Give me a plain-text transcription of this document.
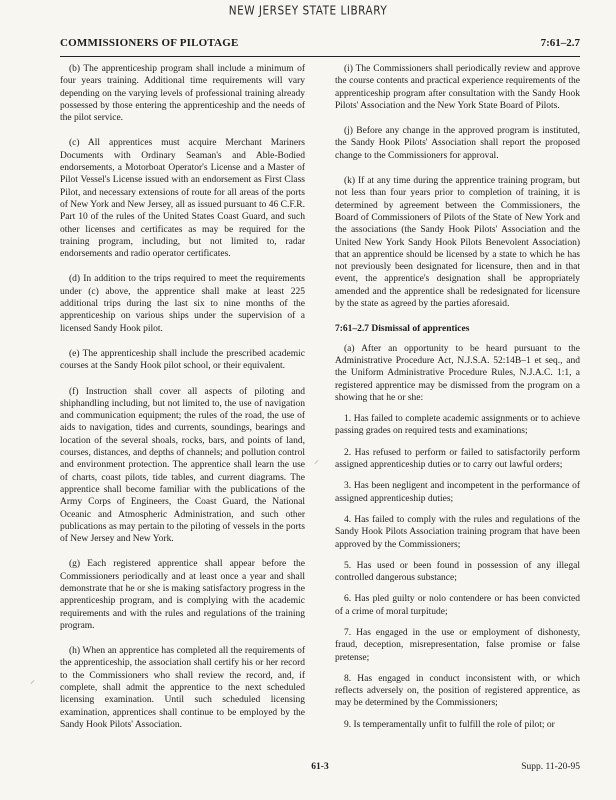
NEW JERSEY STATE LIBRARY
COMMISSIONERS OF PILOTAGE	7:61–2.7

(b) The apprenticeship program shall include a minimum of four years training. Additional time requirements will vary depending on the varying levels of professional training already possessed by those entering the apprenticeship and the needs of the pilot service.

(c) All apprentices must acquire Merchant Mariners Documents with Ordinary Seaman's and Able-Bodied endorsements, a Motorboat Operator's License and a Master of Pilot Vessel's License issued with an endorsement as First Class Pilot, and necessary extensions of route for all areas of the ports of New York and New Jersey, all as issued pursuant to 46 C.F.R. Part 10 of the rules of the United States Coast Guard, and such other licenses and certificates as may be required for the training program, including, but not limited to, radar endorsements and radio operator certificates.

(d) In addition to the trips required to meet the requirements under (c) above, the apprentice shall make at least 225 additional trips during the last six to nine months of the apprenticeship on various ships under the supervision of a licensed Sandy Hook pilot.

(e) The apprenticeship shall include the prescribed academic courses at the Sandy Hook pilot school, or their equivalent.

(f) Instruction shall cover all aspects of piloting and shiphandling including, but not limited to, the use of navigation and communication equipment; the rules of the road, the use of aids to navigation, tides and currents, soundings, bearings and location of the several shoals, rocks, bars, and points of land, courses, distances, and depths of channels; and pollution control and environment protection. The apprentice shall learn the use of charts, coast pilots, tide tables, and current diagrams. The apprentice shall become familiar with the publications of the Army Corps of Engineers, the Coast Guard, the National Oceanic and Atmospheric Administration, and such other publications as may pertain to the piloting of vessels in the ports of New Jersey and New York.

(g) Each registered apprentice shall appear before the Commissioners periodically and at least once a year and shall demonstrate that he or she is making satisfactory progress in the apprenticeship program, and is complying with the academic requirements and with the rules and regulations of the training program.

(h) When an apprentice has completed all the requirements of the apprenticeship, the association shall certify his or her record to the Commissioners who shall review the record, and, if complete, shall admit the apprentice to the next scheduled licensing examination. Until such scheduled licensing examination, apprentices shall continue to be employed by the Sandy Hook Pilots' Association.

(i) The Commissioners shall periodically review and approve the course contents and practical experience requirements of the apprenticeship program after consultation with the Sandy Hook Pilots' Association and the New York State Board of Pilots.

(j) Before any change in the approved program is instituted, the Sandy Hook Pilots' Association shall report the proposed change to the Commissioners for approval.

(k) If at any time during the apprentice training program, but not less than four years prior to completion of training, it is determined by agreement between the Commissioners, the Board of Commissioners of Pilots of the State of New York and the associations (the Sandy Hook Pilots' Association and the United New York Sandy Hook Pilots Benevolent Association) that an apprentice should be licensed by a state to which he has not previously been designated for licensure, then and in that event, the apprentice's designation shall be appropriately amended and the apprentice shall be redesignated for licensure by the state as agreed by the parties aforesaid.

7:61–2.7 Dismissal of apprentices

(a) After an opportunity to be heard pursuant to the Administrative Procedure Act, N.J.S.A. 52:14B–1 et seq., and the Uniform Administrative Procedure Rules, N.J.A.C. 1:1, a registered apprentice may be dismissed from the program on a showing that he or she:

1. Has failed to complete academic assignments or to achieve passing grades on required tests and examinations;

2. Has refused to perform or failed to satisfactorily perform assigned apprenticeship duties or to carry out lawful orders;

3. Has been negligent and incompetent in the performance of assigned apprenticeship duties;

4. Has failed to comply with the rules and regulations of the Sandy Hook Pilots Association training program that have been approved by the Commissioners;

5. Has used or been found in possession of any illegal controlled dangerous substance;

6. Has pled guilty or nolo contendere or has been convicted of a crime of moral turpitude;

7. Has engaged in the use or employment of dishonesty, fraud, deception, misrepresentation, false promise or false pretense;

8. Has engaged in conduct inconsistent with, or which reflects adversely on, the position of registered apprentice, as may be determined by the Commissioners;

9. Is temperamentally unfit to fulfill the role of pilot; or

⸝
⸝
61-3	Supp. 11-20-95
